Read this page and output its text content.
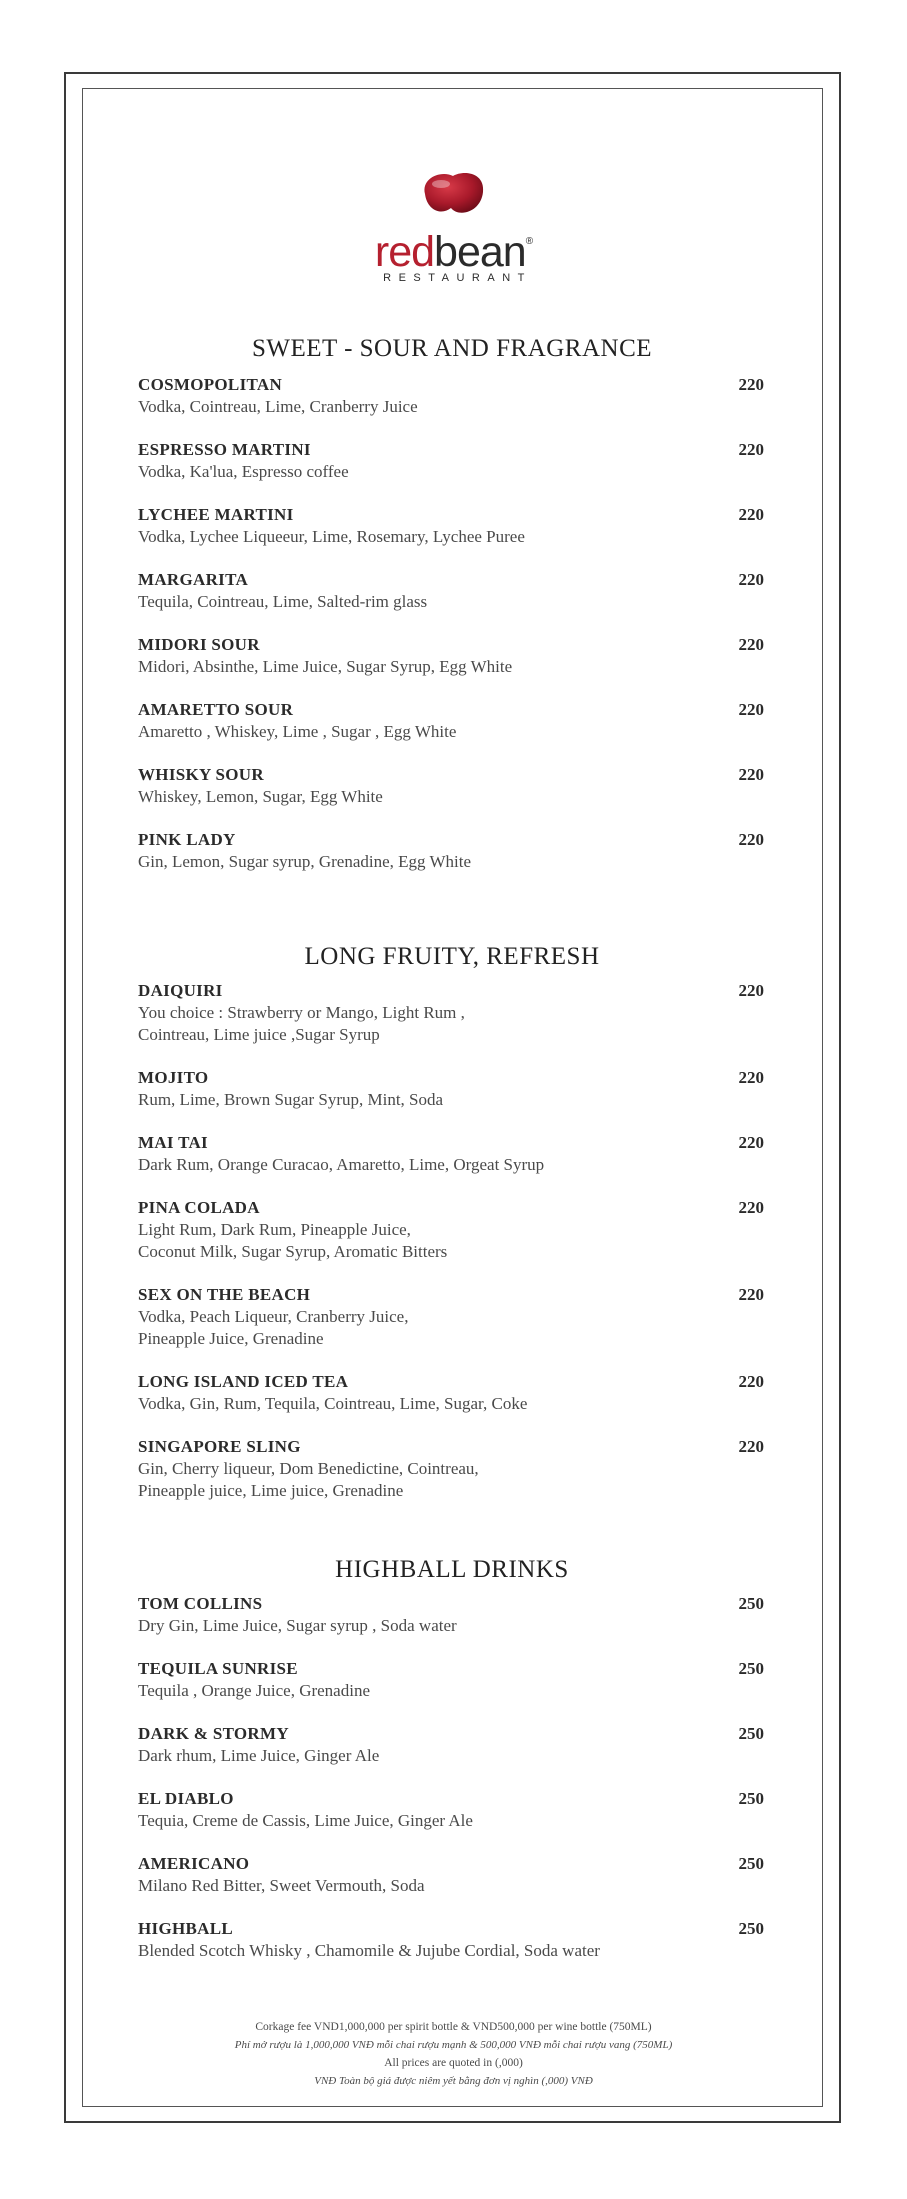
redbean®
RESTAURANT
SWEET - SOUR AND FRAGRANCE
COSMOPOLITAN
Vodka, Cointreau, Lime, Cranberry Juice
220
ESPRESSO MARTINI
Vodka, Ka'lua, Espresso coffee
220
LYCHEE MARTINI
Vodka, Lychee Liqueeur, Lime, Rosemary, Lychee Puree
220
MARGARITA
Tequila, Cointreau, Lime, Salted-rim glass
220
MIDORI SOUR
Midori, Absinthe, Lime Juice, Sugar Syrup, Egg White
220
AMARETTO SOUR
Amaretto , Whiskey, Lime , Sugar , Egg White
220
WHISKY SOUR
Whiskey, Lemon, Sugar, Egg White
220
PINK LADY
Gin, Lemon, Sugar syrup, Grenadine, Egg White
220
LONG FRUITY, REFRESH
DAIQUIRI
You choice : Strawberry or Mango, Light Rum ,
Cointreau, Lime juice ,Sugar Syrup
220
MOJITO
Rum, Lime, Brown Sugar Syrup, Mint, Soda
220
MAI TAI
Dark Rum, Orange Curacao, Amaretto, Lime, Orgeat Syrup
220
PINA COLADA
Light Rum, Dark Rum, Pineapple Juice,
Coconut Milk, Sugar Syrup, Aromatic Bitters
220
SEX ON THE BEACH
Vodka, Peach Liqueur, Cranberry Juice,
Pineapple Juice, Grenadine
220
LONG ISLAND ICED TEA
Vodka, Gin, Rum, Tequila, Cointreau, Lime, Sugar, Coke
220
SINGAPORE SLING
Gin, Cherry liqueur, Dom Benedictine, Cointreau,
Pineapple juice, Lime juice, Grenadine
220
HIGHBALL DRINKS
TOM COLLINS
Dry Gin, Lime Juice, Sugar syrup , Soda water
250
TEQUILA SUNRISE
Tequila , Orange Juice, Grenadine
250
DARK & STORMY
Dark rhum, Lime Juice, Ginger Ale
250
EL DIABLO
Tequia, Creme de Cassis, Lime Juice, Ginger Ale
250
AMERICANO
Milano Red Bitter, Sweet Vermouth, Soda
250
HIGHBALL
Blended Scotch Whisky , Chamomile & Jujube Cordial, Soda water
250
Corkage fee VND1,000,000 per spirit bottle & VND500,000 per wine bottle (750ML)
Phí mở rượu là 1,000,000 VNĐ mỗi chai rượu mạnh & 500,000 VNĐ mỗi chai rượu vang (750ML)
All prices are quoted in (,000)
VNĐ Toàn bộ giá được niêm yết bằng đơn vị nghìn (,000) VNĐ
